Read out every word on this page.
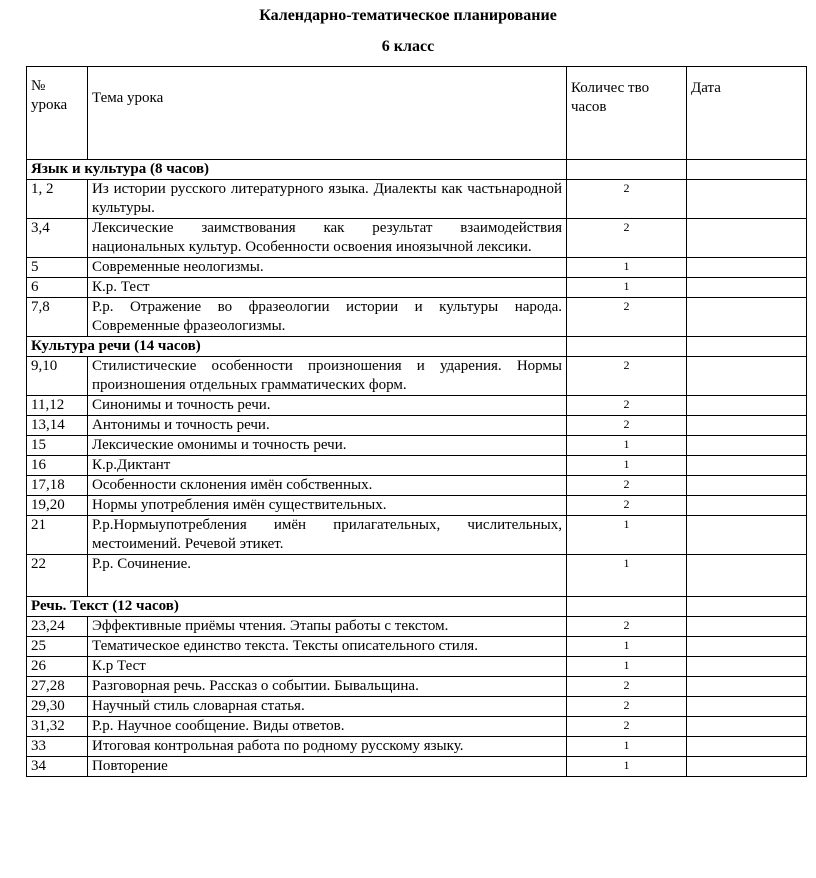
Календарно-тематическое планирование
6 класс
№ урока	Тема урока	Количес тво часов	Дата
Язык и культура (8 часов)			
1, 2	Из истории русского литературного языка. Диалекты как частьнародной культуры.	2	
3,4	Лексические заимствования как результат взаимодействия национальных культур. Особенности освоения иноязычной лексики.	2	
5	Современные неологизмы.	1	
6	К.р. Тест	1	
7,8	Р.р. Отражение во фразеологии истории и культуры народа. Современные фразеологизмы.	2	
Культура речи (14 часов)			
9,10	Стилистические особенности произношения и ударения. Нормы произношения отдельных грамматических форм.	2	
11,12	Синонимы и точность речи.	2	
13,14	Антонимы и точность речи.	2	
15	Лексические омонимы и точность речи.	1	
16	К.р.Диктант	1	
17,18	Особенности склонения имён собственных.	2	
19,20	Нормы употребления имён существительных.	2	
21	Р.р.Нормыупотребления имён прилагательных, числительных, местоимений. Речевой этикет.	1	
22	Р.р. Сочинение.	1	
Речь. Текст (12 часов)			
23,24	Эффективные приёмы чтения. Этапы работы с текстом.	2	
25	Тематическое единство текста. Тексты описательного стиля.	1	
26	К.р Тест	1	
27,28	Разговорная речь. Рассказ о событии. Бывальщина.	2	
29,30	Научный стиль словарная статья.	2	
31,32	Р.р. Научное сообщение. Виды ответов.	2	
33	Итоговая контрольная работа по родному русскому языку.	1	
34	Повторение	1	
